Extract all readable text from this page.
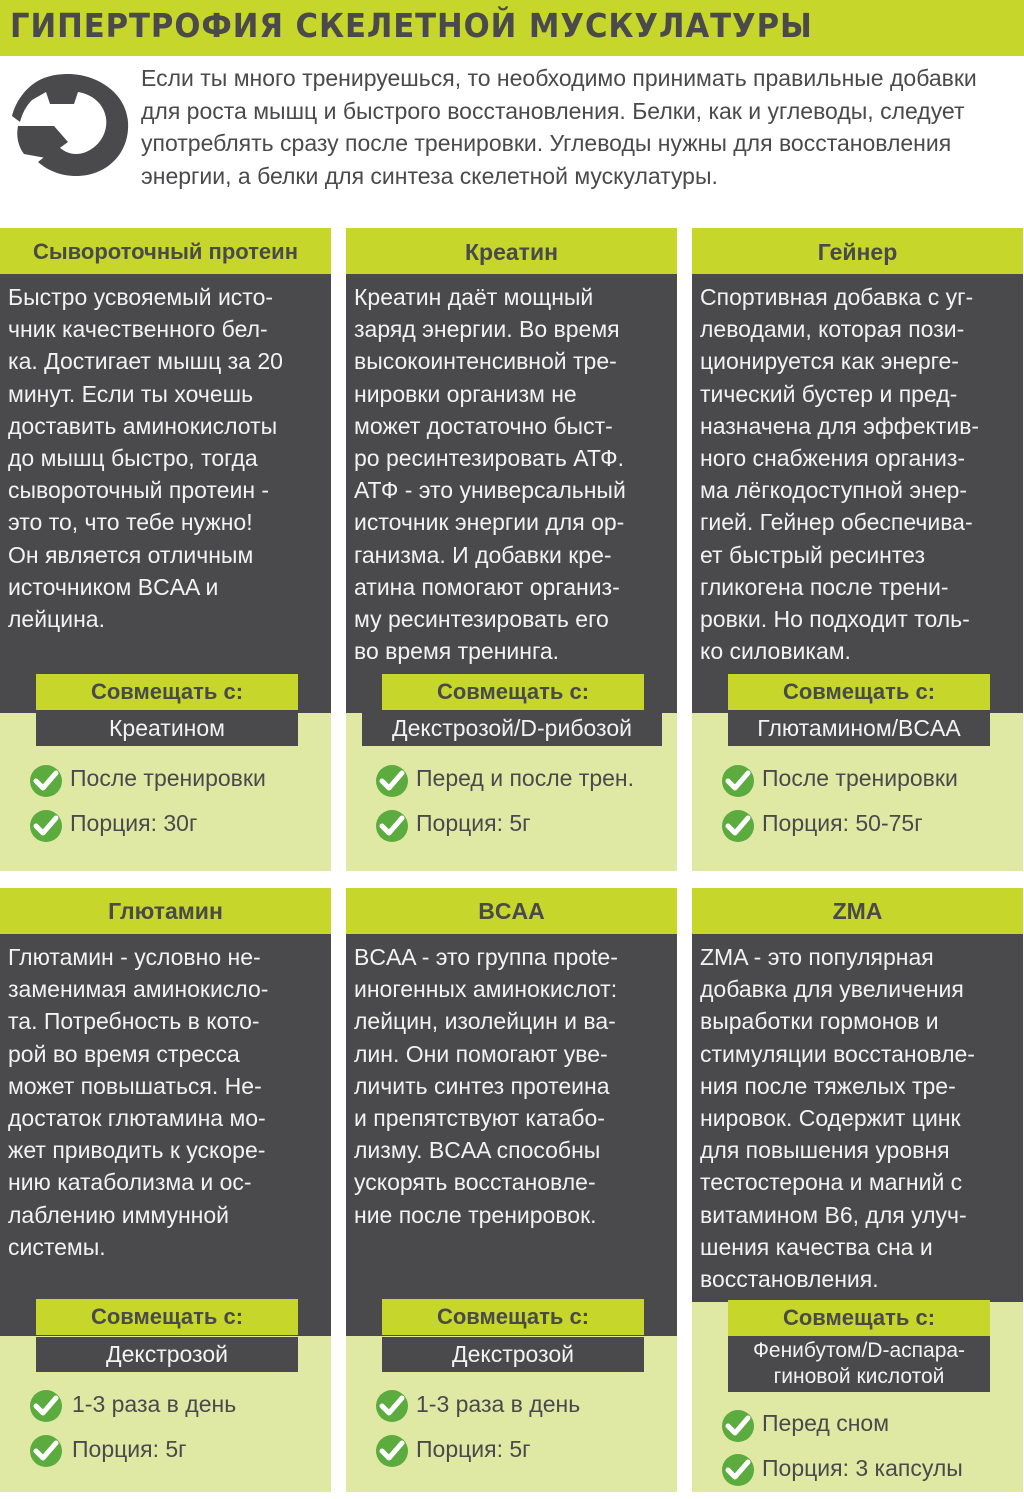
ГИПЕРТРОФИЯ СКЕЛЕТНОЙ МУСКУЛАТУРЫ
Если ты много тренируешься, то необходимо принимать правильные добавки для роста мышц и быстрого восстановления. Белки, как и углеводы, следует употреблять сразу после тренировки. Углеводы нужны для восстановления энергии, а белки для синтеза скелетной мускулатуры.
Сывороточный протеин
Быстро усвояемый исто-
чник качественного бел-
ка. Достигает мышц за 20
минут. Если ты хочешь
доставить аминокислоты
до мышц быстро, тогда
сывороточный протеин -
это то, что тебе нужно!
Он является отличным
источником BCAA и
лейцина.
Совмещать с:
Креатином
После тренировки
Порция: 30г
Креатин
Креатин даёт мощный
заряд энергии. Во время
высокоинтенсивной тре-
нировки организм не
может достаточно быст-
ро ресинтезировать АТФ.
АТФ - это универсальный
источник энергии для ор-
ганизма. И добавки кре-
атина помогают организ-
му ресинтезировать его
во время тренинга.
Совмещать с:
Декстрозой/D-рибозой
Перед и после трен.
Порция: 5г
Гейнер
Спортивная добавка с уг-
леводами, которая пози-
ционируется как энерге-
тический бустер и пред-
назначена для эффектив-
ного снабжения организ-
ма лёгкодоступной энер-
гией. Гейнер обеспечива-
ет быстрый ресинтез
гликогена после трени-
ровки. Но подходит толь-
ко силовикам.
Совмещать с:
Глютамином/BCAA
После тренировки
Порция: 50-75г
Глютамин
Глютамин - условно не-
заменимая аминокисло-
та. Потребность в кото-
рой во время стресса
может повышаться. Не-
достаток глютамина мо-
жет приводить к ускоре-
нию катаболизма и ос-
лаблению иммунной
системы.
Совмещать с:
Декстрозой
1-3 раза в день
Порция: 5г
BCAA
BCAA - это группа прote-
иногенных аминокислот:
лейцин, изолейцин и ва-
лин. Они помогают уве-
личить синтез протеина
и препятствуют катабо-
лизму. BCAA способны
ускорять восстановле-
ние после тренировок.
Совмещать с:
Декстрозой
1-3 раза в день
Порция: 5г
ZMA
ZMA - это популярная
добавка для увеличения
выработки гормонов и
стимуляции восстановле-
ния после тяжелых тре-
нировок. Содержит цинк
для повышения уровня
тестостерона и магний с
витамином B6, для улуч-
шения качества сна и
восстановления.
Совмещать с:
Фенибутом/D-аспара-
гиновой кислотой
Перед сном
Порция: 3 капсулы
